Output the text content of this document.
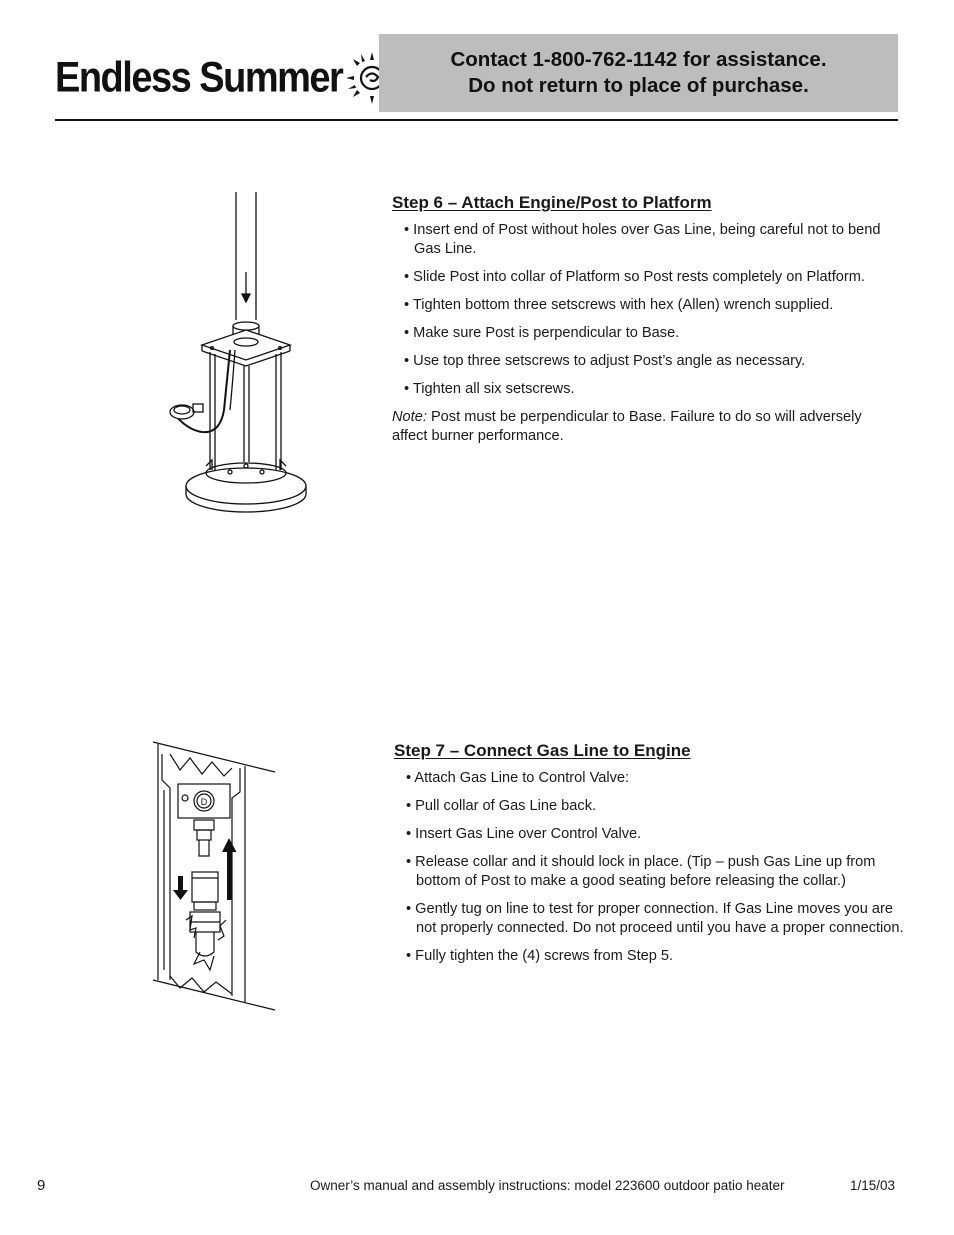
Endless Summer	Contact 1-800-762-1142 for assistance.
Do not return to place of purchase.
Step 6 – Attach Engine/Post to Platform
• Insert end of Post without holes over Gas Line, being careful not to bend Gas Line.
• Slide Post into collar of Platform so Post rests completely on Platform.
• Tighten bottom three setscrews with hex (Allen) wrench supplied.
• Make sure Post is perpendicular to Base.
• Use top three setscrews to adjust Post’s angle as necessary.
• Tighten all six setscrews.

Note: Post must be perpendicular to Base. Failure to do so will adversely affect burner performance.

D
Step 7 – Connect Gas Line to Engine
• Attach Gas Line to Control Valve:
• Pull collar of Gas Line back.
• Insert Gas Line over Control Valve.
• Release collar and it should lock in place. (Tip – push Gas Line up from bottom of Post to make a good seating before releasing the collar.)
• Gently tug on line to test for proper connection. If Gas Line moves you are not properly connected. Do not proceed until you have a proper connection.
• Fully tighten the (4) screws from Step 5.
9	Owner’s manual and assembly instructions: model 223600 outdoor patio heater	1/15/03
